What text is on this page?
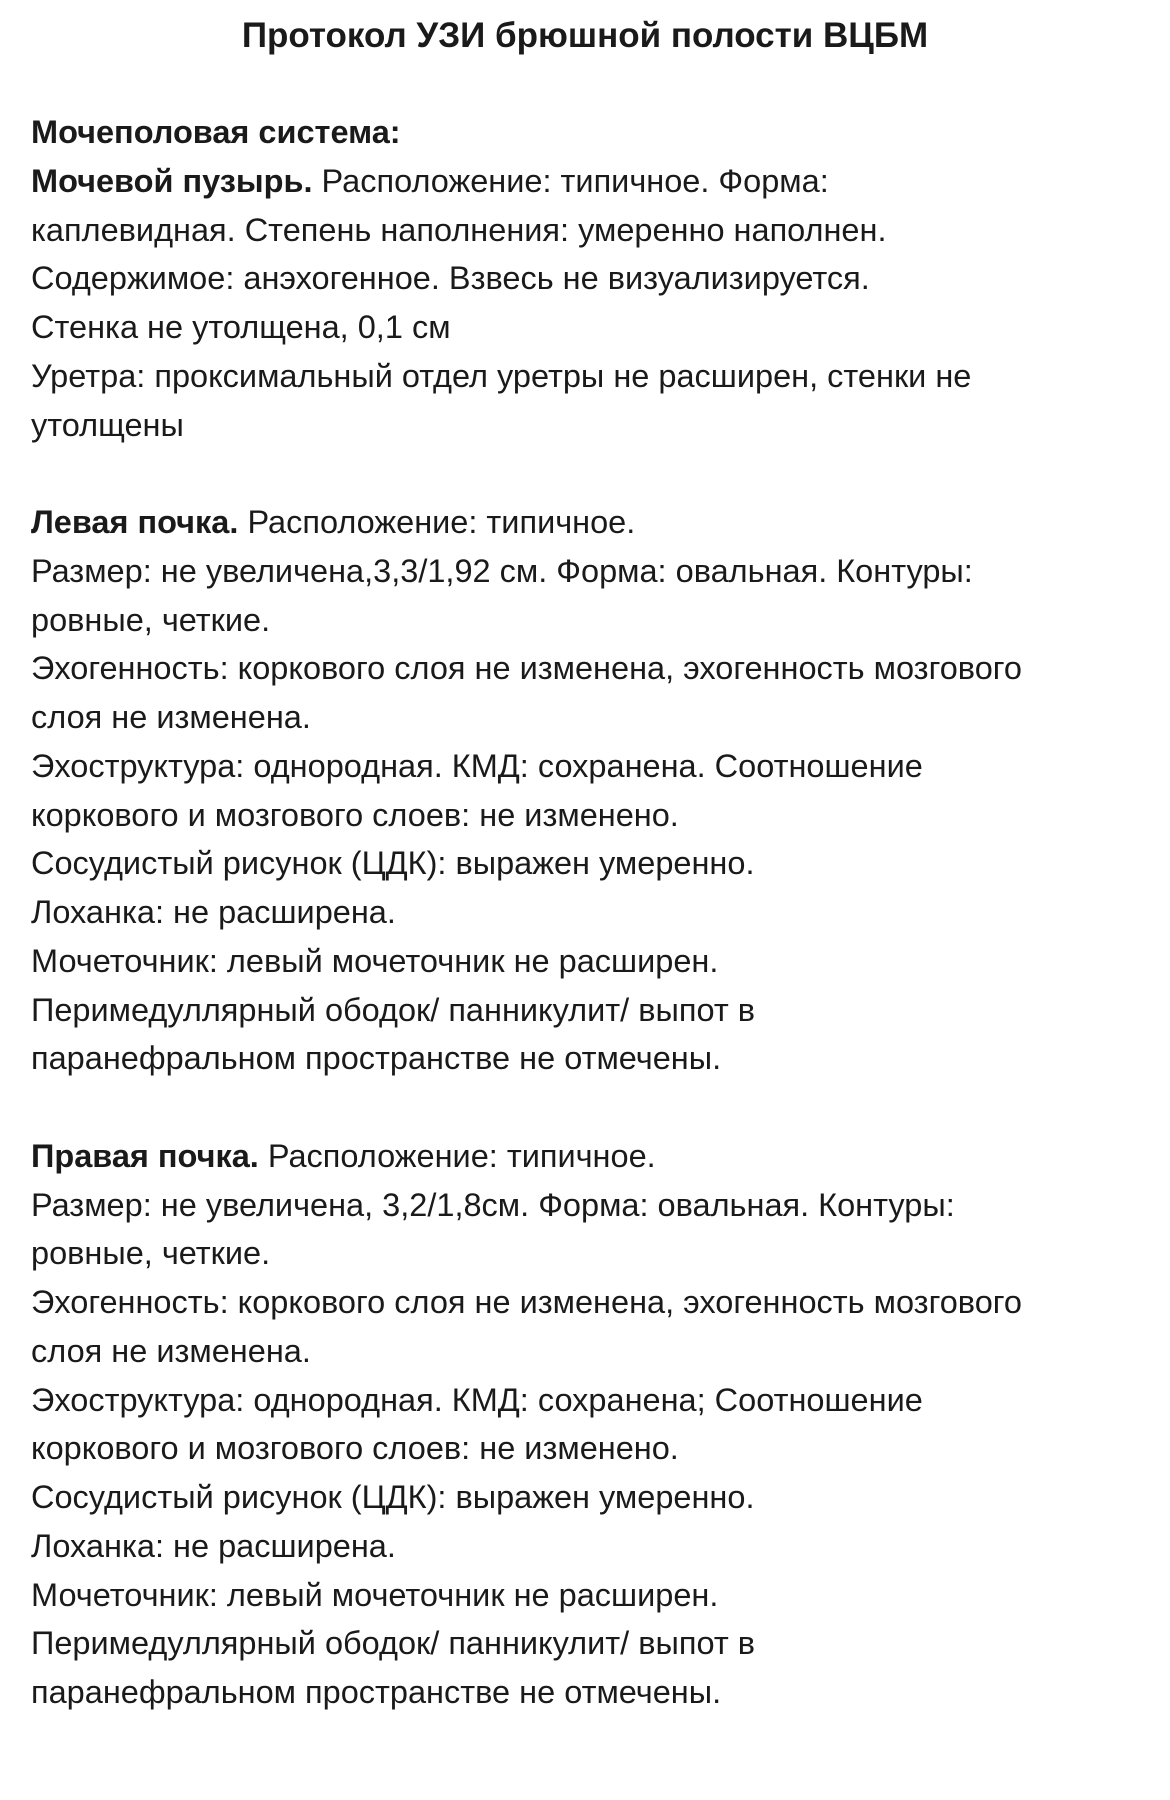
Протокол УЗИ брюшной полости ВЦБМ

Мочеполовая система:

Мочевой пузырь. Расположение: типичное. Форма:

каплевидная. Степень наполнения: умеренно наполнен.

Содержимое: анэхогенное. Взвесь не визуализируется.

Стенка не утолщена, 0,1 см

Уретра: проксимальный отдел уретры не расширен, стенки не

утолщены

Левая почка. Расположение: типичное.

Размер: не увеличена,3,3/1,92 см. Форма: овальная. Контуры:

ровные, четкие.

Эхогенность: коркового слоя не изменена, эхогенность мозгового

слоя не изменена.

Эхоструктура: однородная. КМД: сохранена. Соотношение

коркового и мозгового слоев: не изменено.

Сосудистый рисунок (ЦДК): выражен умеренно.

Лоханка: не расширена.

Мочеточник: левый мочеточник не расширен.

Перимедуллярный ободок/ панникулит/ выпот в

паранефральном пространстве не отмечены.

Правая почка. Расположение: типичное.

Размер: не увеличена, 3,2/1,8см. Форма: овальная. Контуры:

ровные, четкие.

Эхогенность: коркового слоя не изменена, эхогенность мозгового

слоя не изменена.

Эхоструктура: однородная. КМД: сохранена; Соотношение

коркового и мозгового слоев: не изменено.

Сосудистый рисунок (ЦДК): выражен умеренно.

Лоханка: не расширена.

Мочеточник: левый мочеточник не расширен.

Перимедуллярный ободок/ панникулит/ выпот в

паранефральном пространстве не отмечены.
